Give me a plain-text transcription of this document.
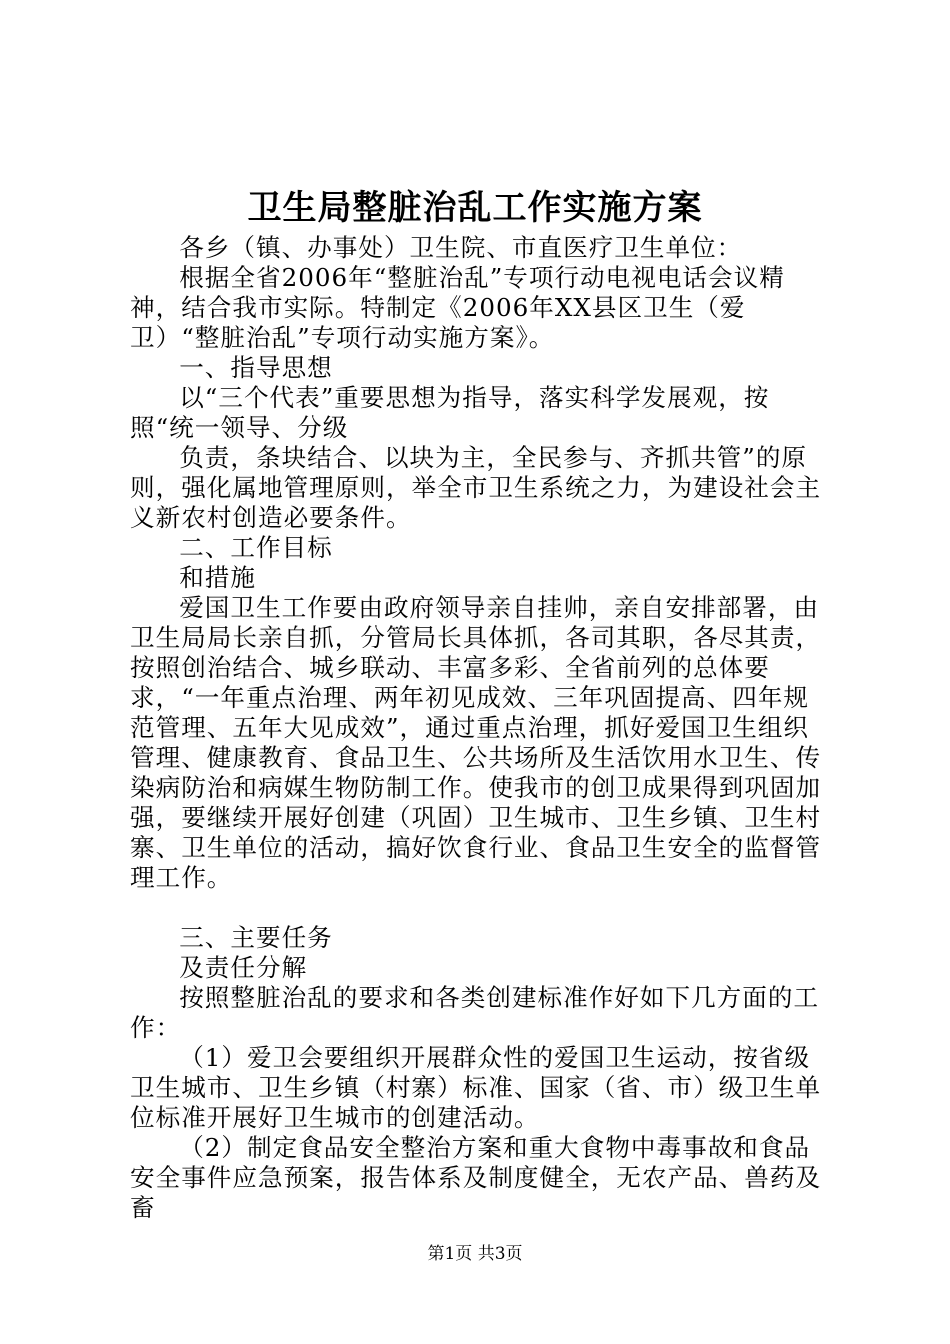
卫生局整脏治乱工作实施方案

各乡（镇、办事处）卫生院、市直医疗卫生单位：

根据全省2006年“整脏治乱”专项行动电视电话会议精神，结合我市实际。特制定《2006年XX县区卫生（爱卫）“整脏治乱”专项行动实施方案》。

一、指导思想

以“三个代表”重要思想为指导，落实科学发展观，按照“统一领导、分级

负责，条块结合、以块为主，全民参与、齐抓共管”的原则，强化属地管理原则，举全市卫生系统之力，为建设社会主义新农村创造必要条件。

二、工作目标

和措施

爱国卫生工作要由政府领导亲自挂帅，亲自安排部署，由卫生局局长亲自抓，分管局长具体抓，各司其职，各尽其责，按照创治结合、城乡联动、丰富多彩、全省前列的总体要求，“一年重点治理、两年初见成效、三年巩固提高、四年规范管理、五年大见成效”，通过重点治理，抓好爱国卫生组织管理、健康教育、食品卫生、公共场所及生活饮用水卫生、传染病防治和病媒生物防制工作。使我市的创卫成果得到巩固加强，要继续开展好创建（巩固）卫生城市、卫生乡镇、卫生村寨、卫生单位的活动，搞好饮食行业、食品卫生安全的监督管理工作。

三、主要任务

及责任分解

按照整脏治乱的要求和各类创建标准作好如下几方面的工作：

（1）爱卫会要组织开展群众性的爱国卫生运动，按省级卫生城市、卫生乡镇（村寨）标准、国家（省、市）级卫生单位标准开展好卫生城市的创建活动。

（2）制定食品安全整治方案和重大食物中毒事故和食品安全事件应急预案，报告体系及制度健全，无农产品、兽药及畜

第1页 共3页
